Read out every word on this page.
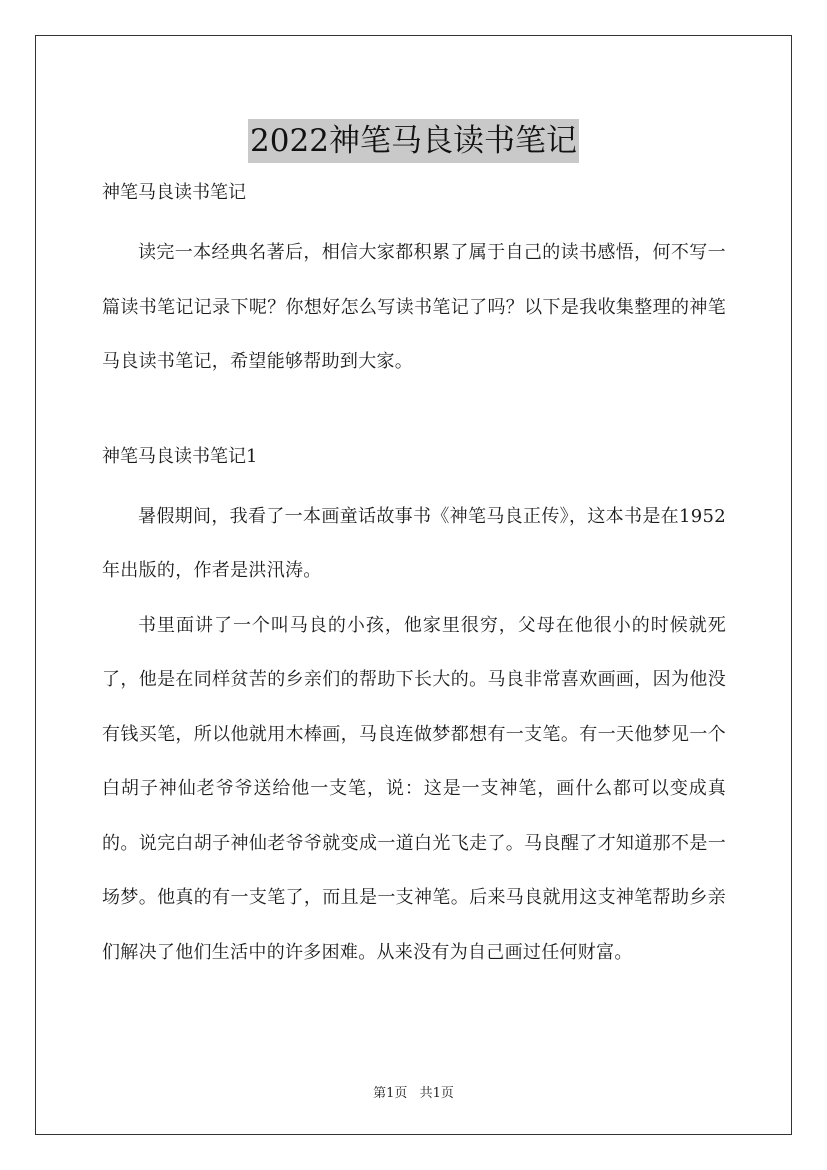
2022神笔马良读书笔记

神笔马良读书笔记

读完一本经典名著后，相信大家都积累了属于自己的读书感悟，何不写一篇读书笔记记录下呢？你想好怎么写读书笔记了吗？以下是我收集整理的神笔马良读书笔记，希望能够帮助到大家。

神笔马良读书笔记1

暑假期间，我看了一本画童话故事书《神笔马良正传》，这本书是在1952年出版的，作者是洪汛涛。

书里面讲了一个叫马良的小孩，他家里很穷，父母在他很小的时候就死了，他是在同样贫苦的乡亲们的帮助下长大的。马良非常喜欢画画，因为他没有钱买笔，所以他就用木棒画，马良连做梦都想有一支笔。有一天他梦见一个白胡子神仙老爷爷送给他一支笔，说：这是一支神笔，画什么都可以变成真的。说完白胡子神仙老爷爷就变成一道白光飞走了。马良醒了才知道那不是一场梦。他真的有一支笔了，而且是一支神笔。后来马良就用这支神笔帮助乡亲们解决了他们生活中的许多困难。从来没有为自己画过任何财富。

第1页 共1页
